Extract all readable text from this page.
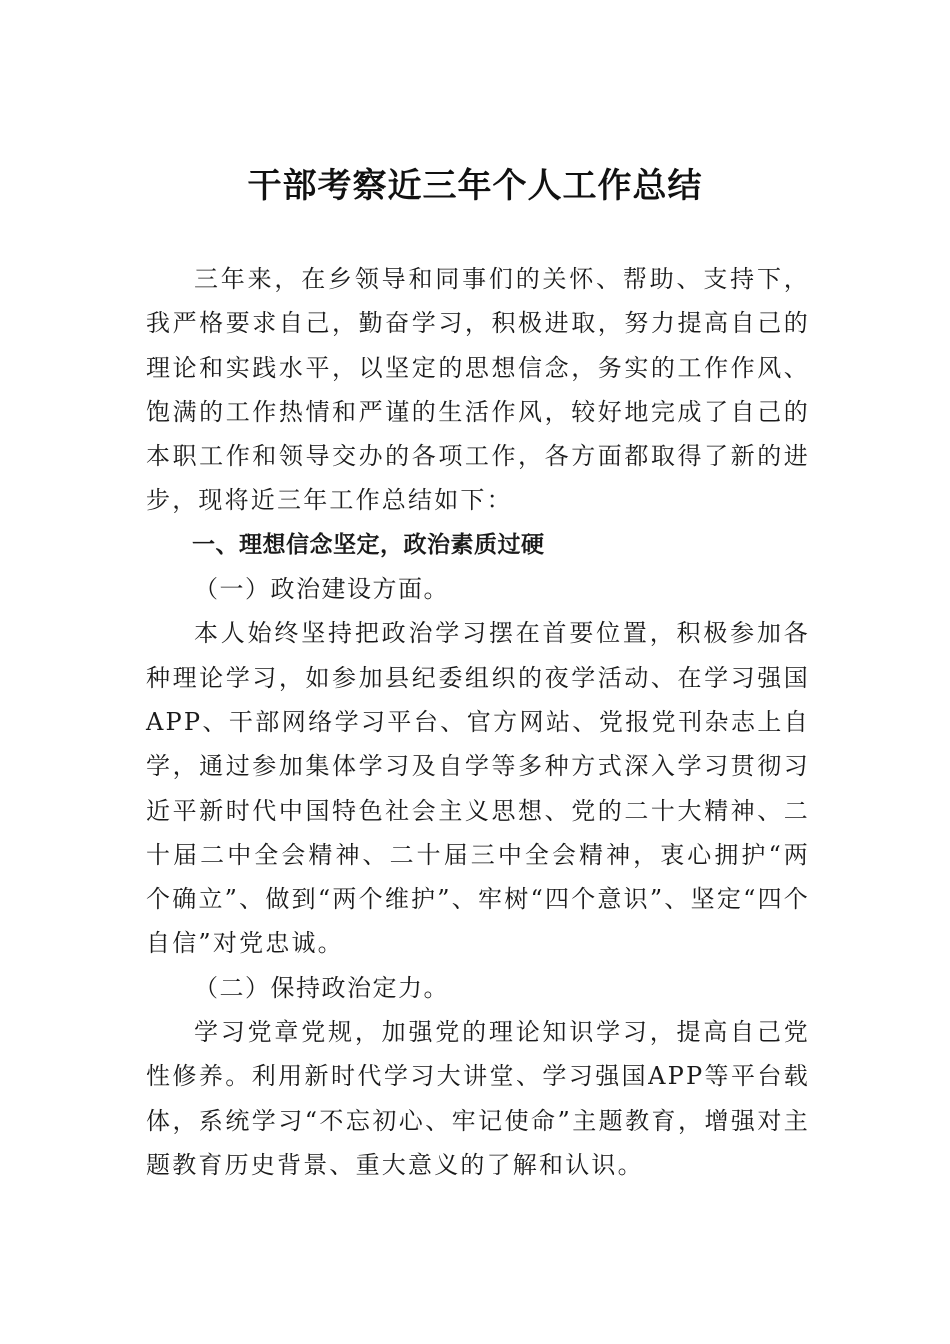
干部考察近三年个人工作总结

三年来，在乡领导和同事们的关怀、帮助、支持下，我严格要求自己，勤奋学习，积极进取，努力提高自己的理论和实践水平，以坚定的思想信念，务实的工作作风、饱满的工作热情和严谨的生活作风，较好地完成了自己的本职工作和领导交办的各项工作，各方面都取得了新的进步，现将近三年工作总结如下：

一、理想信念坚定，政治素质过硬

（一）政治建设方面。

本人始终坚持把政治学习摆在首要位置，积极参加各种理论学习，如参加县纪委组织的夜学活动、在学习强国APP、干部网络学习平台、官方网站、党报党刊杂志上自学，通过参加集体学习及自学等多种方式深入学习贯彻习近平新时代中国特色社会主义思想、党的二十大精神、二十届二中全会精神、二十届三中全会精神，衷心拥护“两个确立”、做到“两个维护”、牢树“四个意识”、坚定“四个自信”对党忠诚。

（二）保持政治定力。

学习党章党规，加强党的理论知识学习，提高自己党性修养。利用新时代学习大讲堂、学习强国APP等平台载体，系统学习“不忘初心、牢记使命”主题教育，增强对主题教育历史背景、重大意义的了解和认识。
